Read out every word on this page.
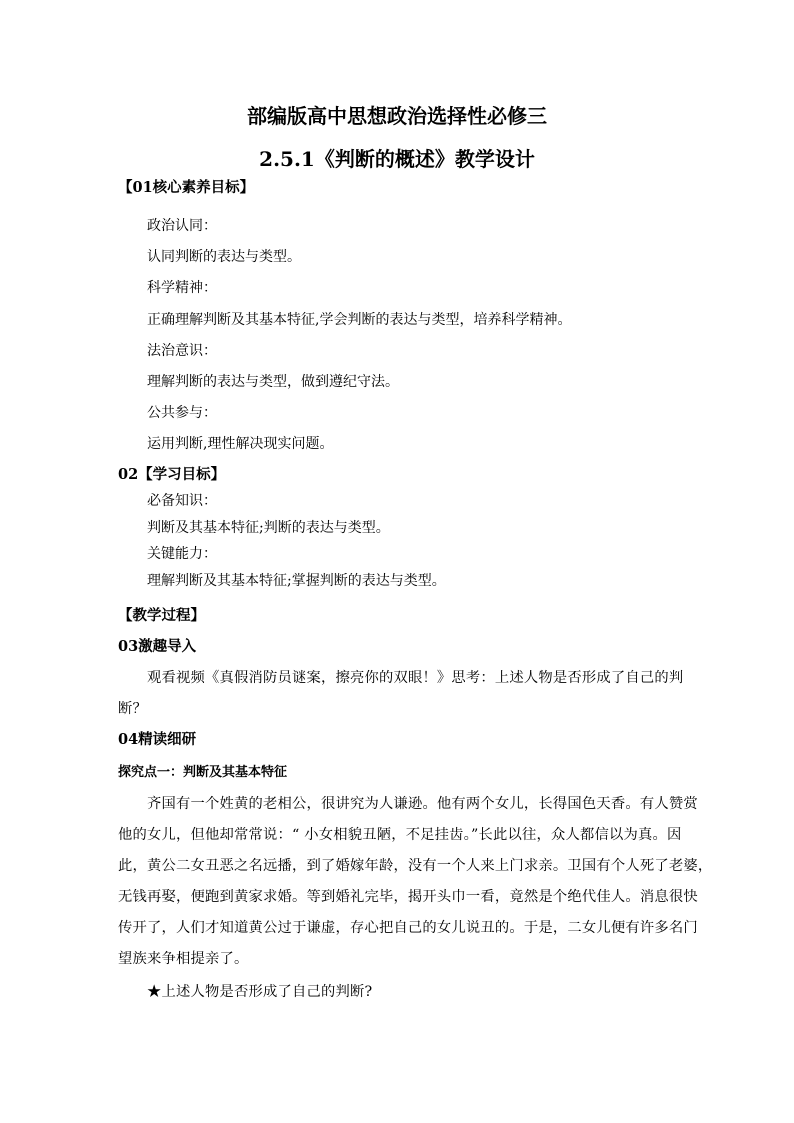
部编版高中思想政治选择性必修三
2.5.1《判断的概述》教学设计
【01核心素养目标】
政治认同：
认同判断的表达与类型。
科学精神：
正确理解判断及其基本特征,学会判断的表达与类型，培养科学精神。
法治意识：
理解判断的表达与类型，做到遵纪守法。
公共参与：
运用判断,理性解决现实问题。
02【学习目标】
必备知识：
判断及其基本特征;判断的表达与类型。
关键能力：
理解判断及其基本特征;掌握判断的表达与类型。
【教学过程】
03激趣导入
观看视频《真假消防员谜案，擦亮你的双眼！》思考：上述人物是否形成了自己的判
断？
04精读细研
探究点一：判断及其基本特征
齐国有一个姓黄的老相公，很讲究为人谦逊。他有两个女儿，长得国色天香。有人赞赏
他的女儿，但他却常常说：“ 小女相貌丑陋，不足挂齿。”长此以往，众人都信以为真。因
此，黄公二女丑恶之名远播，到了婚嫁年龄，没有一个人来上门求亲。卫国有个人死了老婆，
无钱再娶，便跑到黄家求婚。等到婚礼完毕，揭开头巾一看，竟然是个绝代佳人。消息很快
传开了，人们才知道黄公过于谦虚，存心把自己的女儿说丑的。于是，二女儿便有许多名门
望族来争相提亲了。
★上述人物是否形成了自己的判断?
